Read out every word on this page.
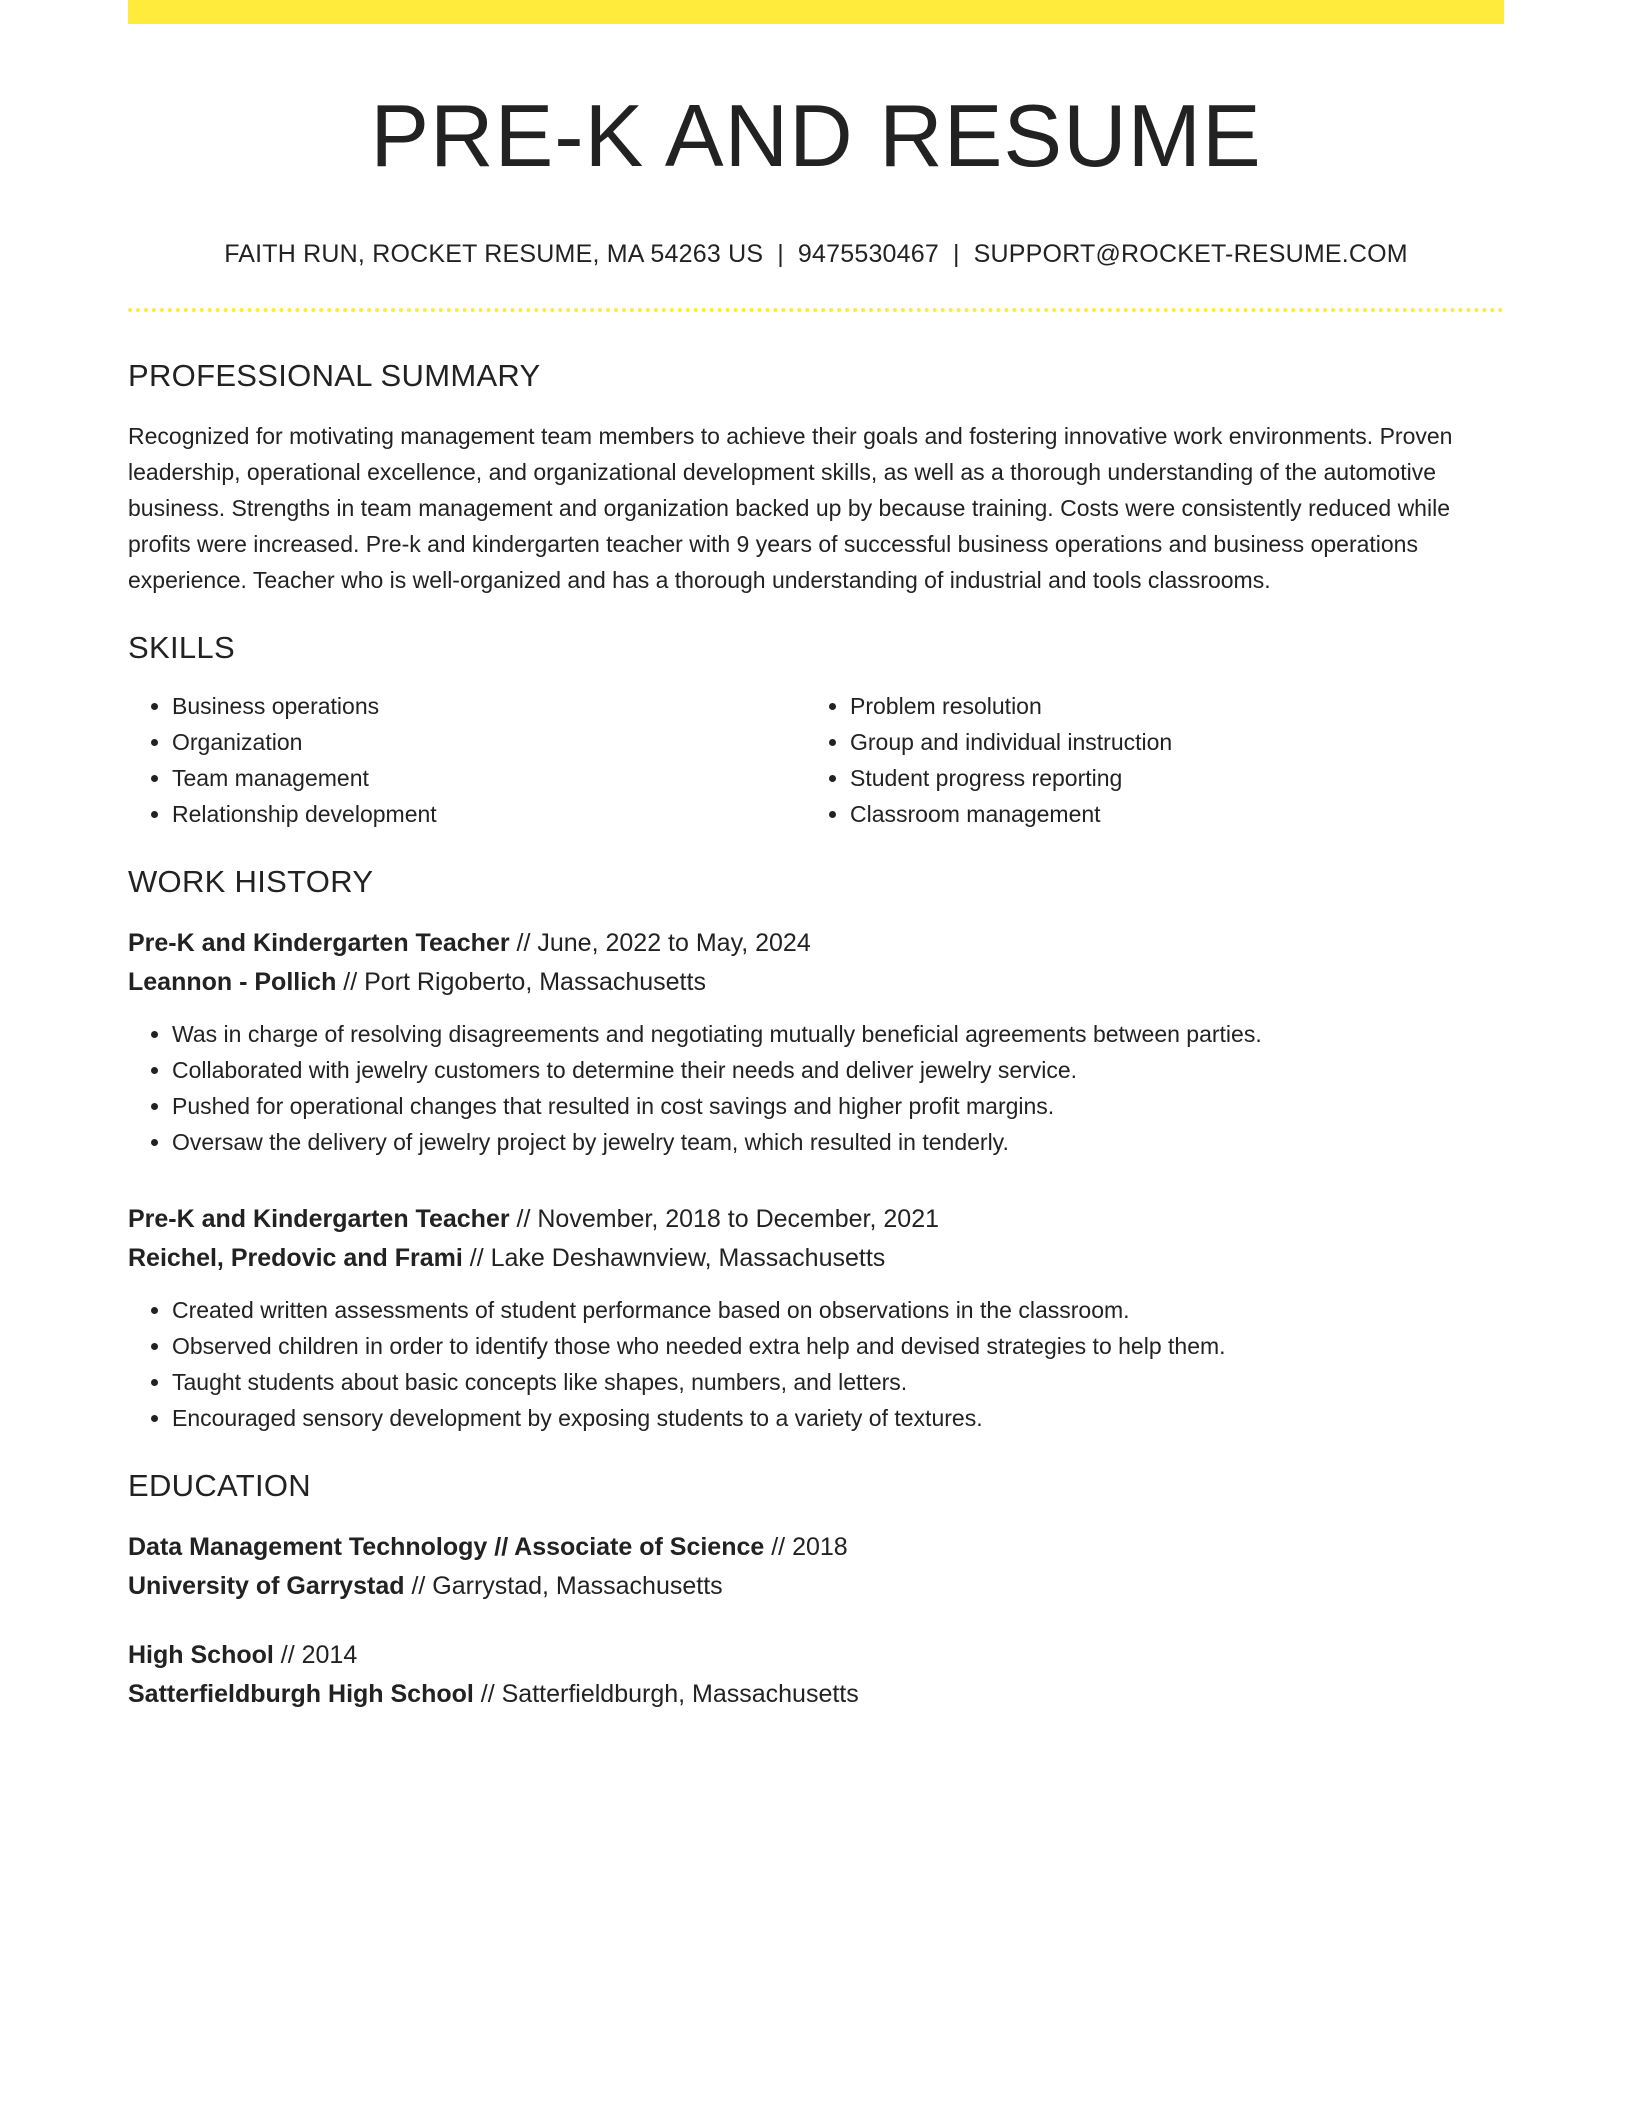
PRE-K AND RESUME
FAITH RUN, ROCKET RESUME, MA 54263 US | 9475530467 | SUPPORT@ROCKET-RESUME.COM
PROFESSIONAL SUMMARY
Recognized for motivating management team members to achieve their goals and fostering innovative work environments. Proven leadership, operational excellence, and organizational development skills, as well as a thorough understanding of the automotive business. Strengths in team management and organization backed up by because training. Costs were consistently reduced while profits were increased. Pre-k and kindergarten teacher with 9 years of successful business operations and business operations experience. Teacher who is well-organized and has a thorough understanding of industrial and tools classrooms.
SKILLS
• Business operations
• Organization
• Team management
• Relationship development
• Problem resolution
• Group and individual instruction
• Student progress reporting
• Classroom management
WORK HISTORY
Pre-K and Kindergarten Teacher // June, 2022 to May, 2024
Leannon - Pollich // Port Rigoberto, Massachusetts
• Was in charge of resolving disagreements and negotiating mutually beneficial agreements between parties.
• Collaborated with jewelry customers to determine their needs and deliver jewelry service.
• Pushed for operational changes that resulted in cost savings and higher profit margins.
• Oversaw the delivery of jewelry project by jewelry team, which resulted in tenderly.
Pre-K and Kindergarten Teacher // November, 2018 to December, 2021
Reichel, Predovic and Frami // Lake Deshawnview, Massachusetts
• Created written assessments of student performance based on observations in the classroom.
• Observed children in order to identify those who needed extra help and devised strategies to help them.
• Taught students about basic concepts like shapes, numbers, and letters.
• Encouraged sensory development by exposing students to a variety of textures.
EDUCATION
Data Management Technology // Associate of Science // 2018
University of Garrystad // Garrystad, Massachusetts
High School // 2014
Satterfieldburgh High School // Satterfieldburgh, Massachusetts
